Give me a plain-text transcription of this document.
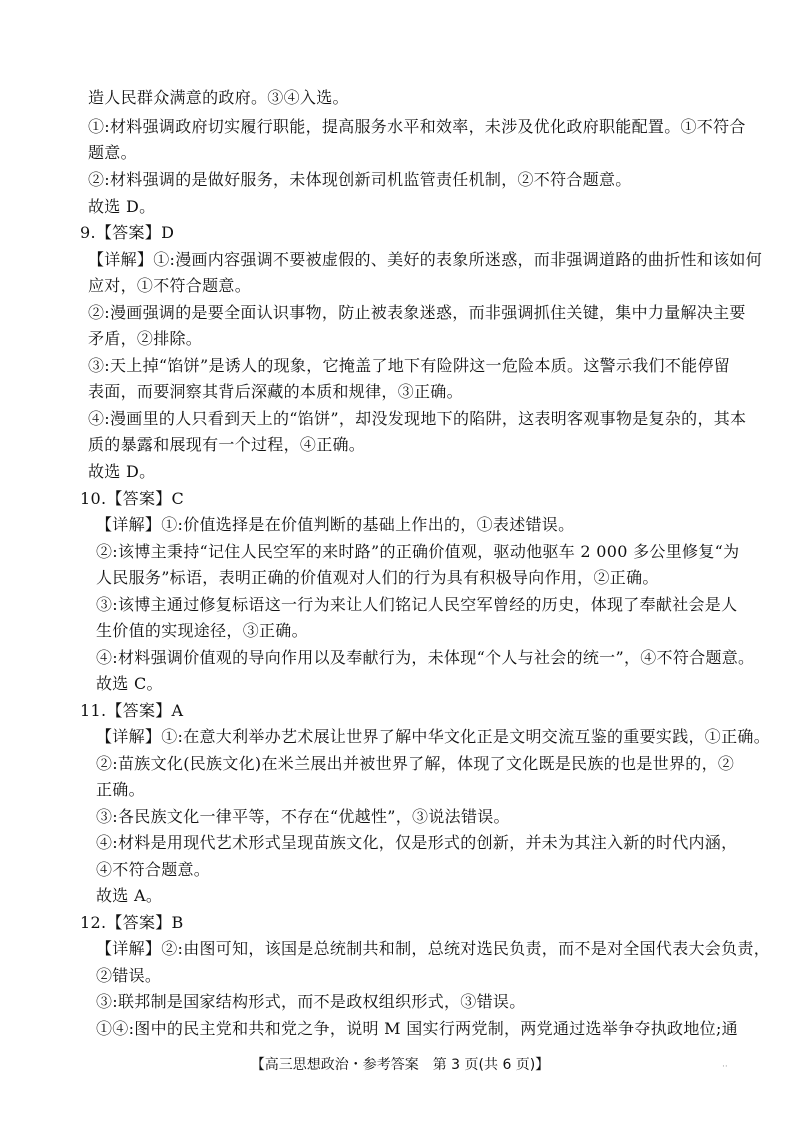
造人民群众满意的政府。③④入选。
①:材料强调政府切实履行职能，提高服务水平和效率，未涉及优化政府职能配置。①不符合
题意。
②:材料强调的是做好服务，未体现创新司机监管责任机制，②不符合题意。
故选 D。
9.【答案】D
【详解】①:漫画内容强调不要被虚假的、美好的表象所迷惑，而非强调道路的曲折性和该如何
应对，①不符合题意。
②:漫画强调的是要全面认识事物，防止被表象迷惑，而非强调抓住关键，集中力量解决主要
矛盾，②排除。
③:天上掉“馅饼”是诱人的现象，它掩盖了地下有险阱这一危险本质。这警示我们不能停留
表面，而要洞察其背后深藏的本质和规律，③正确。
④:漫画里的人只看到天上的“馅饼”，却没发现地下的陷阱，这表明客观事物是复杂的，其本
质的暴露和展现有一个过程，④正确。
故选 D。
10.【答案】C
【详解】①:价值选择是在价值判断的基础上作出的，①表述错误。
②:该博主秉持“记住人民空军的来时路”的正确价值观，驱动他驱车 2 000 多公里修复“为
人民服务”标语，表明正确的价值观对人们的行为具有积极导向作用，②正确。
③:该博主通过修复标语这一行为来让人们铭记人民空军曾经的历史，体现了奉献社会是人
生价值的实现途径，③正确。
④:材料强调价值观的导向作用以及奉献行为，未体现“个人与社会的统一”，④不符合题意。
故选 C。
11.【答案】A
【详解】①:在意大利举办艺术展让世界了解中华文化正是文明交流互鉴的重要实践，①正确。
②:苗族文化(民族文化)在米兰展出并被世界了解，体现了文化既是民族的也是世界的，②
正确。
③:各民族文化一律平等，不存在“优越性”，③说法错误。
④:材料是用现代艺术形式呈现苗族文化，仅是形式的创新，并未为其注入新的时代内涵，
④不符合题意。
故选 A。
12.【答案】B
【详解】②:由图可知，该国是总统制共和制，总统对选民负责，而不是对全国代表大会负责，
②错误。
③:联邦制是国家结构形式，而不是政权组织形式，③错误。
①④:图中的民主党和共和党之争，说明 M 国实行两党制，两党通过选举争夺执政地位;通
【高三思想政治・参考答案　第 3 页(共 6 页)】	··
